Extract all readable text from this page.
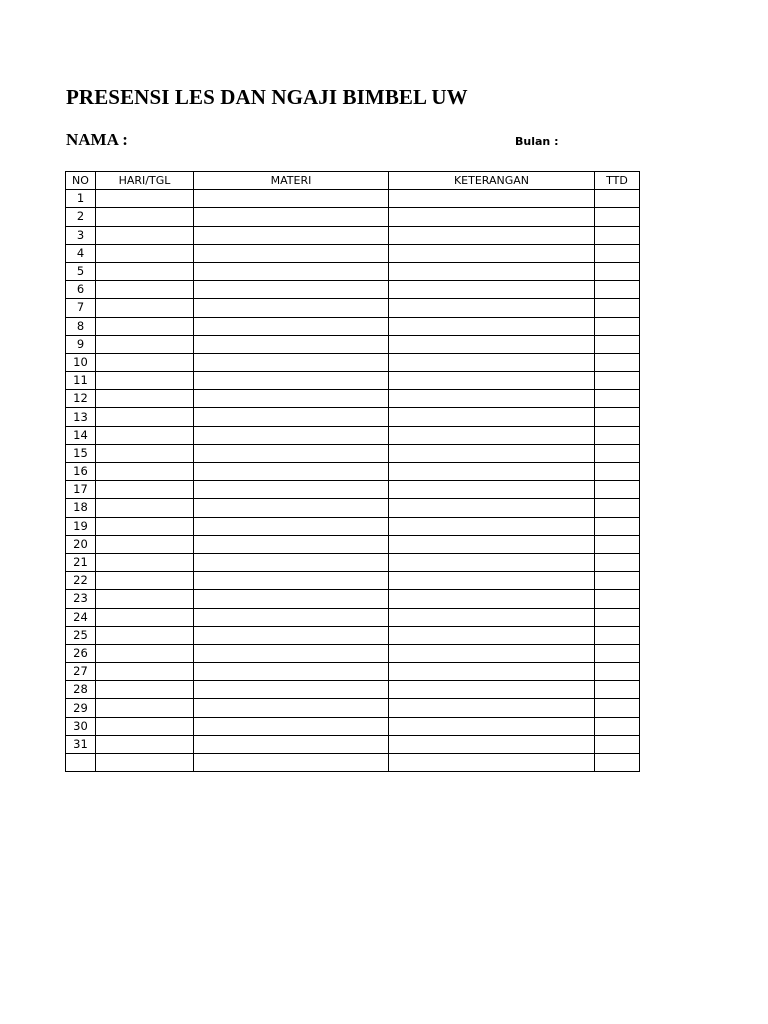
PRESENSI LES DAN NGAJI BIMBEL UW
NAMA :	Bulan :
NO	HARI/TGL	MATERI	KETERANGAN	TTD
1				
2				
3				
4				
5				
6				
7				
8				
9				
10				
11				
12				
13				
14				
15				
16				
17				
18				
19				
20				
21				
22				
23				
24				
25				
26				
27				
28				
29				
30				
31				
